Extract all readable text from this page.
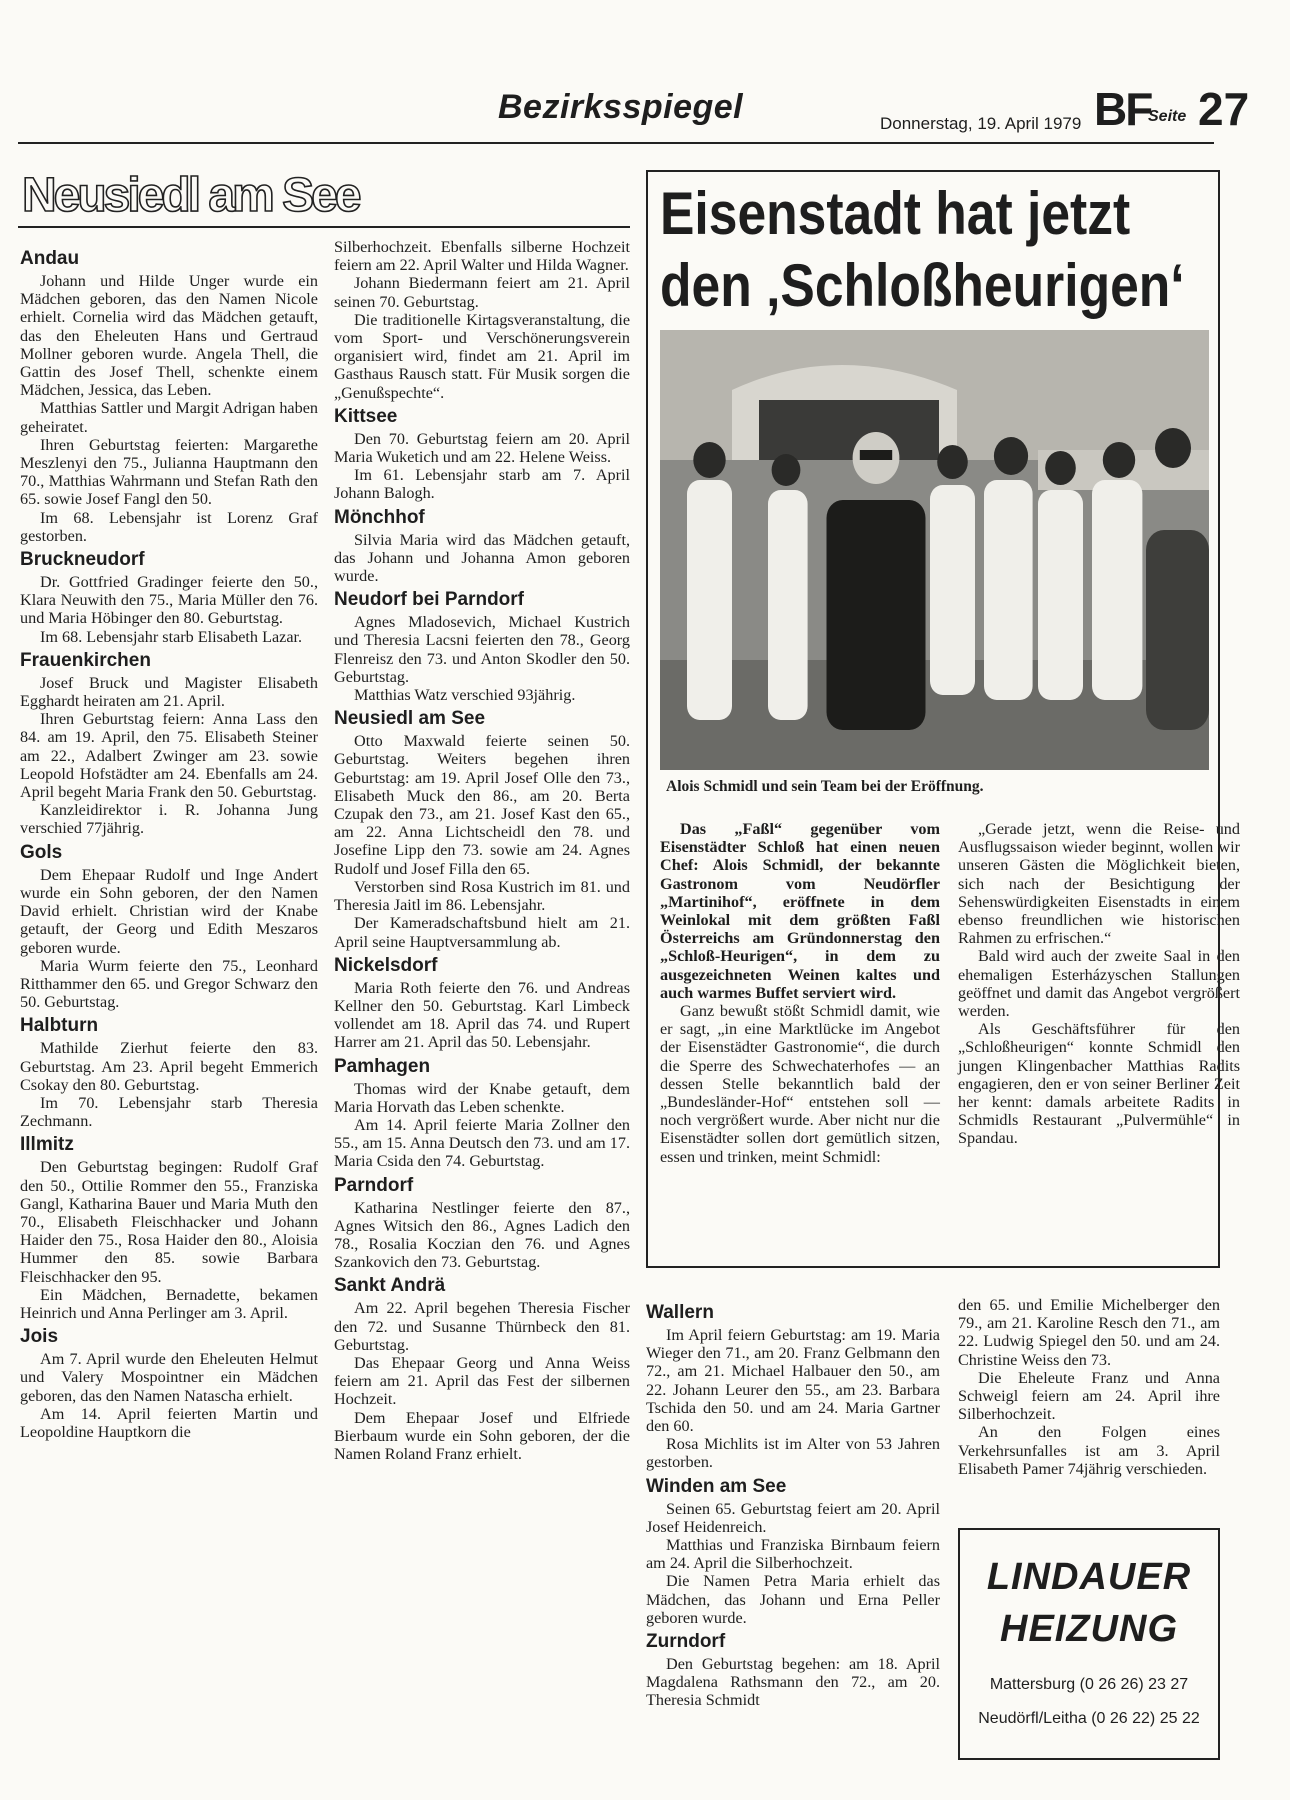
Bezirksspiegel	Donnerstag, 19. April 1979 BF
Seite 27
Neusiedl am See
Andau

Johann und Hilde Unger wurde ein Mädchen geboren, das den Namen Nicole erhielt. Cornelia wird das Mädchen getauft, das den Eheleuten Hans und Gertraud Mollner geboren wurde. Angela Thell, die Gattin des Josef Thell, schenkte einem Mädchen, Jessica, das Leben.

Matthias Sattler und Margit Adrigan haben geheiratet.

Ihren Geburtstag feierten: Margarethe Meszlenyi den 75., Julianna Hauptmann den 70., Matthias Wahrmann und Stefan Rath den 65. sowie Josef Fangl den 50.

Im 68. Lebensjahr ist Lorenz Graf gestorben.

Bruckneudorf

Dr. Gottfried Gradinger feierte den 50., Klara Neuwith den 75., Maria Müller den 76. und Maria Höbinger den 80. Geburtstag.

Im 68. Lebensjahr starb Elisabeth Lazar.

Frauenkirchen

Josef Bruck und Magister Elisabeth Egghardt heiraten am 21. April.

Ihren Geburtstag feiern: Anna Lass den 84. am 19. April, den 75. Elisabeth Steiner am 22., Adalbert Zwinger am 23. sowie Leopold Hofstädter am 24. Ebenfalls am 24. April begeht Maria Frank den 50. Geburtstag.

Kanzleidirektor i. R. Johanna Jung verschied 77jährig.

Gols

Dem Ehepaar Rudolf und Inge Andert wurde ein Sohn geboren, der den Namen David erhielt. Christian wird der Knabe getauft, der Georg und Edith Meszaros geboren wurde.

Maria Wurm feierte den 75., Leonhard Ritthammer den 65. und Gregor Schwarz den 50. Geburtstag.

Halbturn

Mathilde Zierhut feierte den 83. Geburtstag. Am 23. April begeht Emmerich Csokay den 80. Geburtstag.

Im 70. Lebensjahr starb Theresia Zechmann.

Illmitz

Den Geburtstag begingen: Rudolf Graf den 50., Ottilie Rommer den 55., Franziska Gangl, Katharina Bauer und Maria Muth den 70., Elisabeth Fleischhacker und Johann Haider den 75., Rosa Haider den 80., Aloisia Hummer den 85. sowie Barbara Fleischhacker den 95.

Ein Mädchen, Bernadette, bekamen Heinrich und Anna Perlinger am 3. April.

Jois

Am 7. April wurde den Eheleuten Helmut und Valery Mospointner ein Mädchen geboren, das den Namen Natascha erhielt.

Am 14. April feierten Martin und Leopoldine Hauptkorn die

Silberhochzeit. Ebenfalls silberne Hochzeit feiern am 22. April Walter und Hilda Wagner.

Johann Biedermann feiert am 21. April seinen 70. Geburtstag.

Die traditionelle Kirtagsveranstaltung, die vom Sport- und Verschönerungsverein organisiert wird, findet am 21. April im Gasthaus Rausch statt. Für Musik sorgen die „Genußspechte“.

Kittsee

Den 70. Geburtstag feiern am 20. April Maria Wuketich und am 22. Helene Weiss.

Im 61. Lebensjahr starb am 7. April Johann Balogh.

Mönchhof

Silvia Maria wird das Mädchen getauft, das Johann und Johanna Amon geboren wurde.

Neudorf bei Parndorf

Agnes Mladosevich, Michael Kustrich und Theresia Lacsni feierten den 78., Georg Flenreisz den 73. und Anton Skodler den 50. Geburtstag.

Matthias Watz verschied 93jährig.

Neusiedl am See

Otto Maxwald feierte seinen 50. Geburtstag. Weiters begehen ihren Geburtstag: am 19. April Josef Olle den 73., Elisabeth Muck den 86., am 20. Berta Czupak den 73., am 21. Josef Kast den 65., am 22. Anna Lichtscheidl den 78. und Josefine Lipp den 73. sowie am 24. Agnes Rudolf und Josef Filla den 65.

Verstorben sind Rosa Kustrich im 81. und Theresia Jaitl im 86. Lebensjahr.

Der Kameradschaftsbund hielt am 21. April seine Hauptversammlung ab.

Nickelsdorf

Maria Roth feierte den 76. und Andreas Kellner den 50. Geburtstag. Karl Limbeck vollendet am 18. April das 74. und Rupert Harrer am 21. April das 50. Lebensjahr.

Pamhagen

Thomas wird der Knabe getauft, dem Maria Horvath das Leben schenkte.

Am 14. April feierte Maria Zollner den 55., am 15. Anna Deutsch den 73. und am 17. Maria Csida den 74. Geburtstag.

Parndorf

Katharina Nestlinger feierte den 87., Agnes Witsich den 86., Agnes Ladich den 78., Rosalia Koczian den 76. und Agnes Szankovich den 73. Geburtstag.

Sankt Andrä

Am 22. April begehen Theresia Fischer den 72. und Susanne Thürnbeck den 81. Geburtstag.

Das Ehepaar Georg und Anna Weiss feiern am 21. April das Fest der silbernen Hochzeit.

Dem Ehepaar Josef und Elfriede Bierbaum wurde ein Sohn geboren, der die Namen Roland Franz erhielt.

Eisenstadt hat jetzt
den ‚Schloßheurigen‘
Alois Schmidl und sein Team bei der Eröffnung.

Das „Faßl“ gegenüber vom Eisenstädter Schloß hat einen neuen Chef: Alois Schmidl, der bekannte Gastronom vom Neudörfler „Martinihof“, eröffnete in dem Weinlokal mit dem größten Faßl Österreichs am Gründonnerstag den „Schloß-Heurigen“, in dem zu ausgezeichneten Weinen kaltes und auch warmes Buffet serviert wird.

Ganz bewußt stößt Schmidl damit, wie er sagt, „in eine Marktlücke im Angebot der Eisenstädter Gastronomie“, die durch die Sperre des Schwechaterhofes — an dessen Stelle bekanntlich bald der „Bundesländer-Hof“ entstehen soll — noch vergrößert wurde. Aber nicht nur die Eisenstädter sollen dort gemütlich sitzen, essen und trinken, meint Schmidl:

„Gerade jetzt, wenn die Reise- und Ausflugssaison wieder beginnt, wollen wir unseren Gästen die Möglichkeit bieten, sich nach der Besichtigung der Sehenswürdigkeiten Eisenstadts in einem ebenso freundlichen wie historischen Rahmen zu erfrischen.“

Bald wird auch der zweite Saal in den ehemaligen Esterházyschen Stallungen geöffnet und damit das Angebot vergrößert werden.

Als Geschäftsführer für den „Schloßheurigen“ konnte Schmidl den jungen Klingenbacher Matthias Radits engagieren, den er von seiner Berliner Zeit her kennt: damals arbeitete Radits in Schmidls Restaurant „Pulvermühle“ in Spandau.

Wallern

Im April feiern Geburtstag: am 19. Maria Wieger den 71., am 20. Franz Gelbmann den 72., am 21. Michael Halbauer den 50., am 22. Johann Leurer den 55., am 23. Barbara Tschida den 50. und am 24. Maria Gartner den 60.

Rosa Michlits ist im Alter von 53 Jahren gestorben.

Winden am See

Seinen 65. Geburtstag feiert am 20. April Josef Heidenreich.

Matthias und Franziska Birnbaum feiern am 24. April die Silberhochzeit.

Die Namen Petra Maria erhielt das Mädchen, das Johann und Erna Peller geboren wurde.

Zurndorf

Den Geburtstag begehen: am 18. April Magdalena Rathsmann den 72., am 20. Theresia Schmidt

den 65. und Emilie Michelberger den 79., am 21. Karoline Resch den 71., am 22. Ludwig Spiegel den 50. und am 24. Christine Weiss den 73.

Die Eheleute Franz und Anna Schweigl feiern am 24. April ihre Silberhochzeit.

An den Folgen eines Verkehrsunfalles ist am 3. April Elisabeth Pamer 74jährig verschieden.

LINDAUER
HEIZUNG
Mattersburg (0 26 26) 23 27
Neudörfl/Leitha (0 26 22) 25 22
